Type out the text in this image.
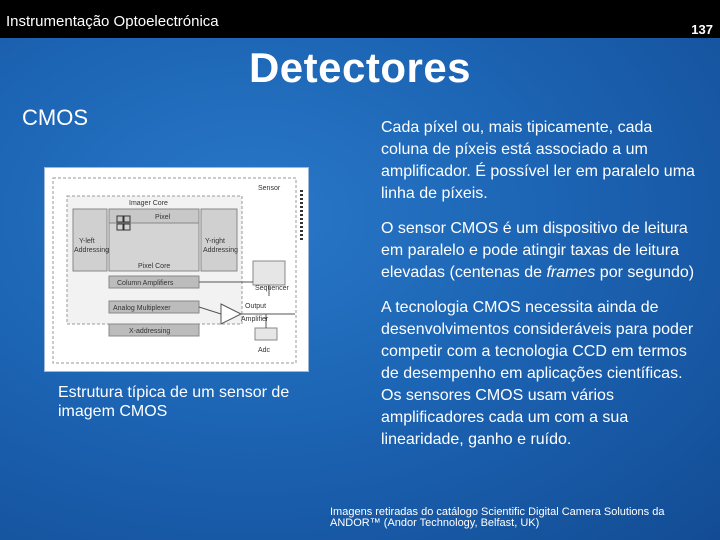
Instrumentação Optoelectrónica	137
Detectores
CMOS
Sensor
Imager Core
Pixel
Pixel Core
Y-left
Addressing
Y-right
Addressing
Column Amplifiers
Analog Multiplexer
X-addressing
Sequencer
Output
Amplifier
Adc
Estrutura típica de um sensor de imagem CMOS

Cada píxel ou, mais tipicamente, cada coluna de píxeis está associado a um amplificador. É possível ler em paralelo uma linha de píxeis.

O sensor CMOS é um dispositivo de leitura em paralelo e pode atingir taxas de leitura elevadas (centenas de frames por segundo)

A tecnologia CMOS necessita ainda de desenvolvimentos consideráveis para poder competir com a tecnologia CCD em termos de desempenho em aplicações científicas. Os sensores CMOS usam vários amplificadores cada um com a sua linearidade, ganho e ruído.

Imagens retiradas do catálogo Scientific Digital Camera Solutions da ANDOR™ (Andor Technology, Belfast, UK)
